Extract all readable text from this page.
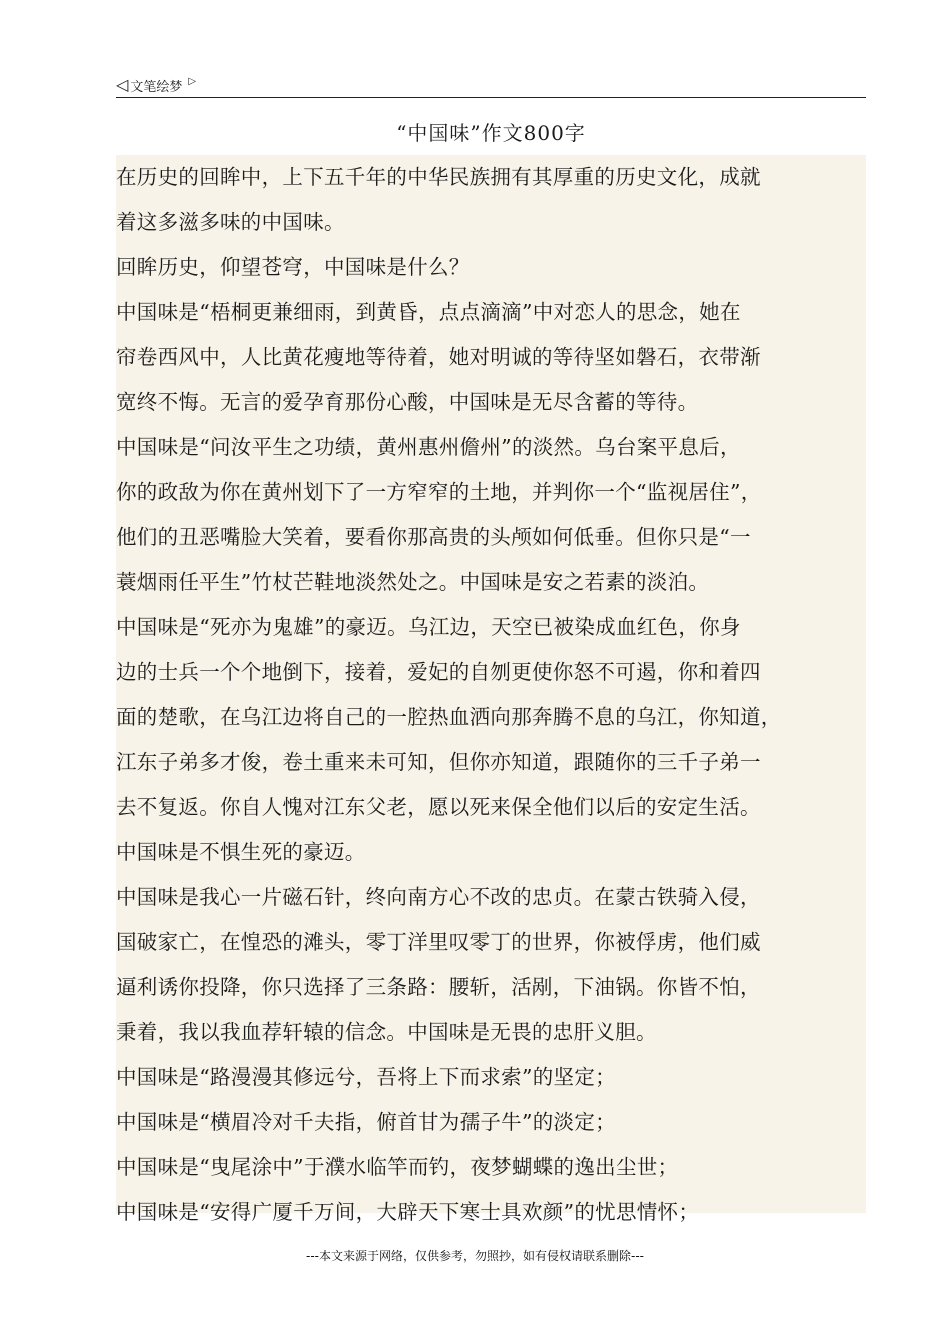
◁ 文笔绘梦 ▷
“中国味”作文800字

在历史的回眸中，上下五千年的中华民族拥有其厚重的历史文化，成就
着这多滋多味的中国味。

回眸历史，仰望苍穹，中国味是什么？

中国味是“梧桐更兼细雨，到黄昏，点点滴滴”中对恋人的思念，她在
帘卷西风中，人比黄花瘦地等待着，她对明诚的等待坚如磐石，衣带渐
宽终不悔。无言的爱孕育那份心酸，中国味是无尽含蓄的等待。

中国味是“问汝平生之功绩，黄州惠州儋州”的淡然。乌台案平息后，
你的政敌为你在黄州划下了一方窄窄的土地，并判你一个“监视居住”，
他们的丑恶嘴脸大笑着，要看你那高贵的头颅如何低垂。但你只是“一
蓑烟雨任平生”竹杖芒鞋地淡然处之。中国味是安之若素的淡泊。

中国味是“死亦为鬼雄”的豪迈。乌江边，天空已被染成血红色，你身
边的士兵一个个地倒下，接着，爱妃的自刎更使你怒不可遏，你和着四
面的楚歌，在乌江边将自己的一腔热血洒向那奔腾不息的乌江，你知道，
江东子弟多才俊，卷土重来未可知，但你亦知道，跟随你的三千子弟一
去不复返。你自人愧对江东父老，愿以死来保全他们以后的安定生活。
中国味是不惧生死的豪迈。

中国味是我心一片磁石针，终向南方心不改的忠贞。在蒙古铁骑入侵，
国破家亡，在惶恐的滩头，零丁洋里叹零丁的世界，你被俘虏，他们威
逼利诱你投降，你只选择了三条路：腰斩，活剐，下油锅。你皆不怕，
秉着，我以我血荐轩辕的信念。中国味是无畏的忠肝义胆。

中国味是“路漫漫其修远兮，吾将上下而求索”的坚定；

中国味是“横眉冷对千夫指，俯首甘为孺子牛”的淡定；

中国味是“曳尾涂中”于濮水临竿而钓，夜梦蝴蝶的逸出尘世；

中国味是“安得广厦千万间，大辟天下寒士具欢颜”的忧思情怀；

---本文来源于网络，仅供参考，勿照抄，如有侵权请联系删除---
